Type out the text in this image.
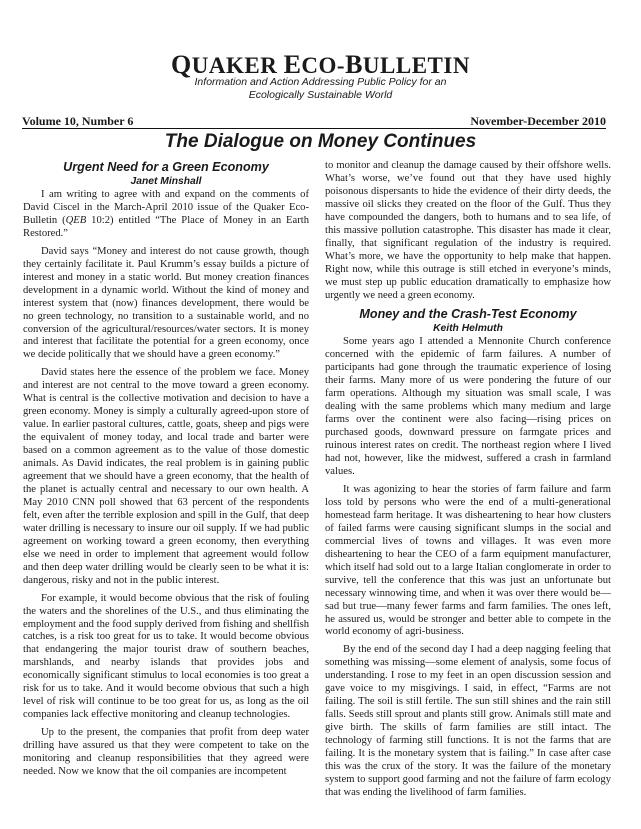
QUAKER ECO-BULLETIN
Information and Action Addressing Public Policy for an
Ecologically Sustainable World
Volume 10, Number 6	November-December 2010
The Dialogue on Money Continues
Urgent Need for a Green Economy
Janet Minshall

I am writing to agree with and expand on the comments of David Ciscel in the March-April 2010 issue of the Quaker Eco-Bulletin (QEB 10:2) entitled “The Place of Money in an Earth Restored.”

David says “Money and interest do not cause growth, though they certainly facilitate it. Paul Krumm’s essay builds a picture of interest and money in a static world. But money creation finances development in a dynamic world. Without the kind of money and interest system that (now) finances development, there would be no green technology, no transition to a sustainable world, and no conversion of the agricultural/resources/water sectors. It is money and interest that facilitate the potential for a green economy, once we decide politically that we should have a green economy.”

David states here the essence of the problem we face. Money and interest are not central to the move toward a green economy. What is central is the collective motivation and decision to have a green economy. Money is simply a culturally agreed-upon store of value. In earlier pastoral cultures, cattle, goats, sheep and pigs were the equivalent of money today, and local trade and barter were based on a common agreement as to the value of those domestic animals. As David indicates, the real problem is in gaining public agreement that we should have a green economy, that the health of the planet is actually central and necessary to our own health. A May 2010 CNN poll showed that 63 percent of the respondents felt, even after the terrible explosion and spill in the Gulf, that deep water drilling is necessary to insure our oil supply. If we had public agreement on working toward a green economy, then everything else we need in order to implement that agreement would follow and then deep water drilling would be clearly seen to be what it is: dangerous, risky and not in the public interest.

For example, it would become obvious that the risk of fouling the waters and the shorelines of the U.S., and thus eliminating the employment and the food supply derived from fishing and shellfish catches, is a risk too great for us to take. It would become obvious that endangering the major tourist draw of southern beaches, marshlands, and nearby islands that provides jobs and economically significant stimulus to local economies is too great a risk for us to take. And it would become obvious that such a high level of risk will continue to be too great for us, as long as the oil companies lack effective monitoring and cleanup technologies.

Up to the present, the companies that profit from deep water drilling have assured us that they were competent to take on the monitoring and cleanup responsibilities that they agreed were needed. Now we know that the oil companies are incompetent

to monitor and cleanup the damage caused by their offshore wells. What’s worse, we’ve found out that they have used highly poisonous dispersants to hide the evidence of their dirty deeds, the massive oil slicks they created on the floor of the Gulf. Thus they have compounded the dangers, both to humans and to sea life, of this massive pollution catastrophe. This disaster has made it clear, finally, that significant regulation of the industry is required. What’s more, we have the opportunity to help make that happen. Right now, while this outrage is still etched in everyone’s minds, we must step up public education dramatically to emphasize how urgently we need a green economy.

Money and the Crash-Test Economy
Keith Helmuth

Some years ago I attended a Mennonite Church conference concerned with the epidemic of farm failures. A number of participants had gone through the traumatic experience of losing their farms. Many more of us were pondering the future of our farm operations. Although my situation was small scale, I was dealing with the same problems which many medium and large farms over the continent were also facing—rising prices on purchased goods, downward pressure on farmgate prices and ruinous interest rates on credit. The northeast region where I lived had not, however, like the midwest, suffered a crash in farmland values.

It was agonizing to hear the stories of farm failure and farm loss told by persons who were the end of a multi-generational homestead farm heritage. It was disheartening to hear how clusters of failed farms were causing significant slumps in the social and commercial lives of towns and villages. It was even more disheartening to hear the CEO of a farm equipment manufacturer, which itself had sold out to a large Italian conglomerate in order to survive, tell the conference that this was just an unfortunate but necessary winnowing time, and when it was over there would be—sad but true—many fewer farms and farm families. The ones left, he assured us, would be stronger and better able to compete in the world economy of agri-business.

By the end of the second day I had a deep nagging feeling that something was missing—some element of analysis, some focus of understanding. I rose to my feet in an open discussion session and gave voice to my misgivings. I said, in effect, “Farms are not failing. The soil is still fertile. The sun still shines and the rain still falls. Seeds still sprout and plants still grow. Animals still mate and give birth. The skills of farm families are still intact. The technology of farming still functions. It is not the farms that are failing. It is the monetary system that is failing.” In case after case this was the crux of the story. It was the failure of the monetary system to support good farming and not the failure of farm ecology that was ending the livelihood of farm families.
